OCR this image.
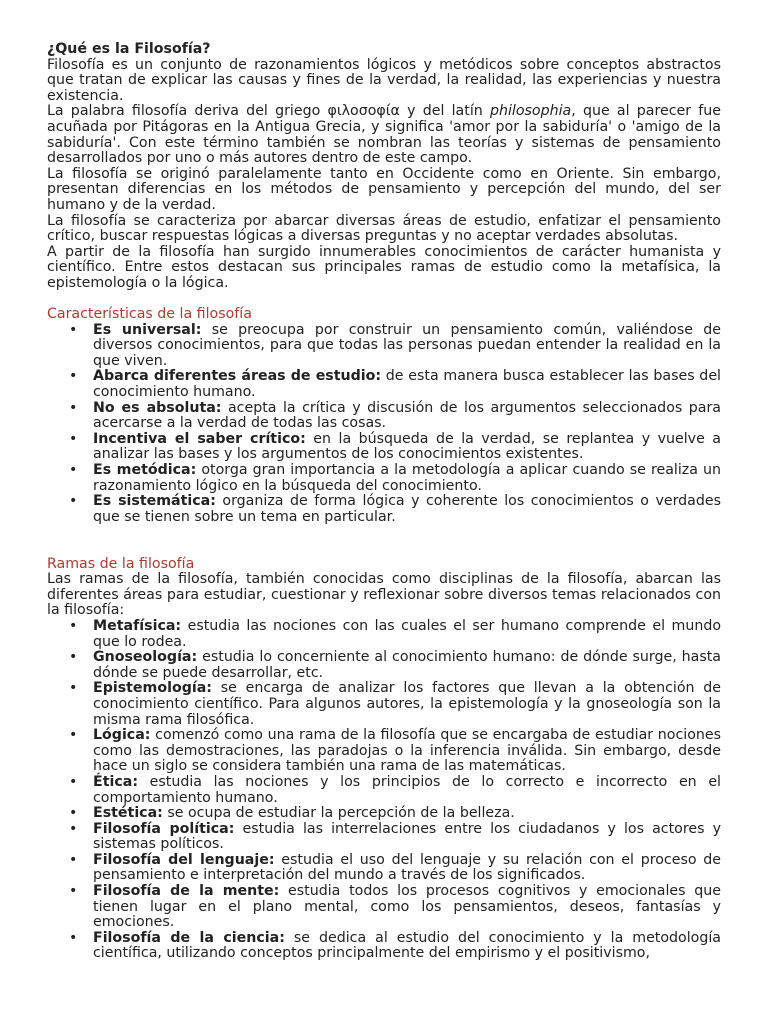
¿Qué es la Filosofía?

Filosofía es un conjunto de razonamientos lógicos y metódicos sobre conceptos abstractos que tratan de explicar las causas y fines de la verdad, la realidad, las experiencias y nuestra existencia.

La palabra filosofía deriva del griego φιλοσοφία y del latín philosophia, que al parecer fue acuñada por Pitágoras en la Antigua Grecia, y significa 'amor por la sabiduría' o 'amigo de la sabiduría'. Con este término también se nombran las teorías y sistemas de pensamiento desarrollados por uno o más autores dentro de este campo.

La filosofía se originó paralelamente tanto en Occidente como en Oriente. Sin embargo, presentan diferencias en los métodos de pensamiento y percepción del mundo, del ser humano y de la verdad.

La filosofía se caracteriza por abarcar diversas áreas de estudio, enfatizar el pensamiento crítico, buscar respuestas lógicas a diversas preguntas y no aceptar verdades absolutas.

A partir de la filosofía han surgido innumerables conocimientos de carácter humanista y científico. Entre estos destacan sus principales ramas de estudio como la metafísica, la epistemología o la lógica.

Características de la filosofía
• Es universal: se preocupa por construir un pensamiento común, valiéndose de diversos conocimientos, para que todas las personas puedan entender la realidad en la que viven.
• Abarca diferentes áreas de estudio: de esta manera busca establecer las bases del conocimiento humano.
• No es absoluta: acepta la crítica y discusión de los argumentos seleccionados para acercarse a la verdad de todas las cosas.
• Incentiva el saber crítico: en la búsqueda de la verdad, se replantea y vuelve a analizar las bases y los argumentos de los conocimientos existentes.
• Es metódica: otorga gran importancia a la metodología a aplicar cuando se realiza un razonamiento lógico en la búsqueda del conocimiento.
• Es sistemática: organiza de forma lógica y coherente los conocimientos o verdades que se tienen sobre un tema en particular.
Ramas de la filosofía

Las ramas de la filosofía, también conocidas como disciplinas de la filosofía, abarcan las diferentes áreas para estudiar, cuestionar y reflexionar sobre diversos temas relacionados con la filosofía:

• Metafísica: estudia las nociones con las cuales el ser humano comprende el mundo que lo rodea.
• Gnoseología: estudia lo concerniente al conocimiento humano: de dónde surge, hasta dónde se puede desarrollar, etc.
• Epistemología: se encarga de analizar los factores que llevan a la obtención de conocimiento científico. Para algunos autores, la epistemología y la gnoseología son la misma rama filosófica.
• Lógica: comenzó como una rama de la filosofía que se encargaba de estudiar nociones como las demostraciones, las paradojas o la inferencia inválida. Sin embargo, desde hace un siglo se considera también una rama de las matemáticas.
• Ética: estudia las nociones y los principios de lo correcto e incorrecto en el comportamiento humano.
• Estética: se ocupa de estudiar la percepción de la belleza.
• Filosofía política: estudia las interrelaciones entre los ciudadanos y los actores y sistemas políticos.
• Filosofía del lenguaje: estudia el uso del lenguaje y su relación con el proceso de pensamiento e interpretación del mundo a través de los significados.
• Filosofía de la mente: estudia todos los procesos cognitivos y emocionales que tienen lugar en el plano mental, como los pensamientos, deseos, fantasías y emociones.
• Filosofía de la ciencia: se dedica al estudio del conocimiento y la metodología científica, utilizando conceptos principalmente del empirismo y el positivismo,
